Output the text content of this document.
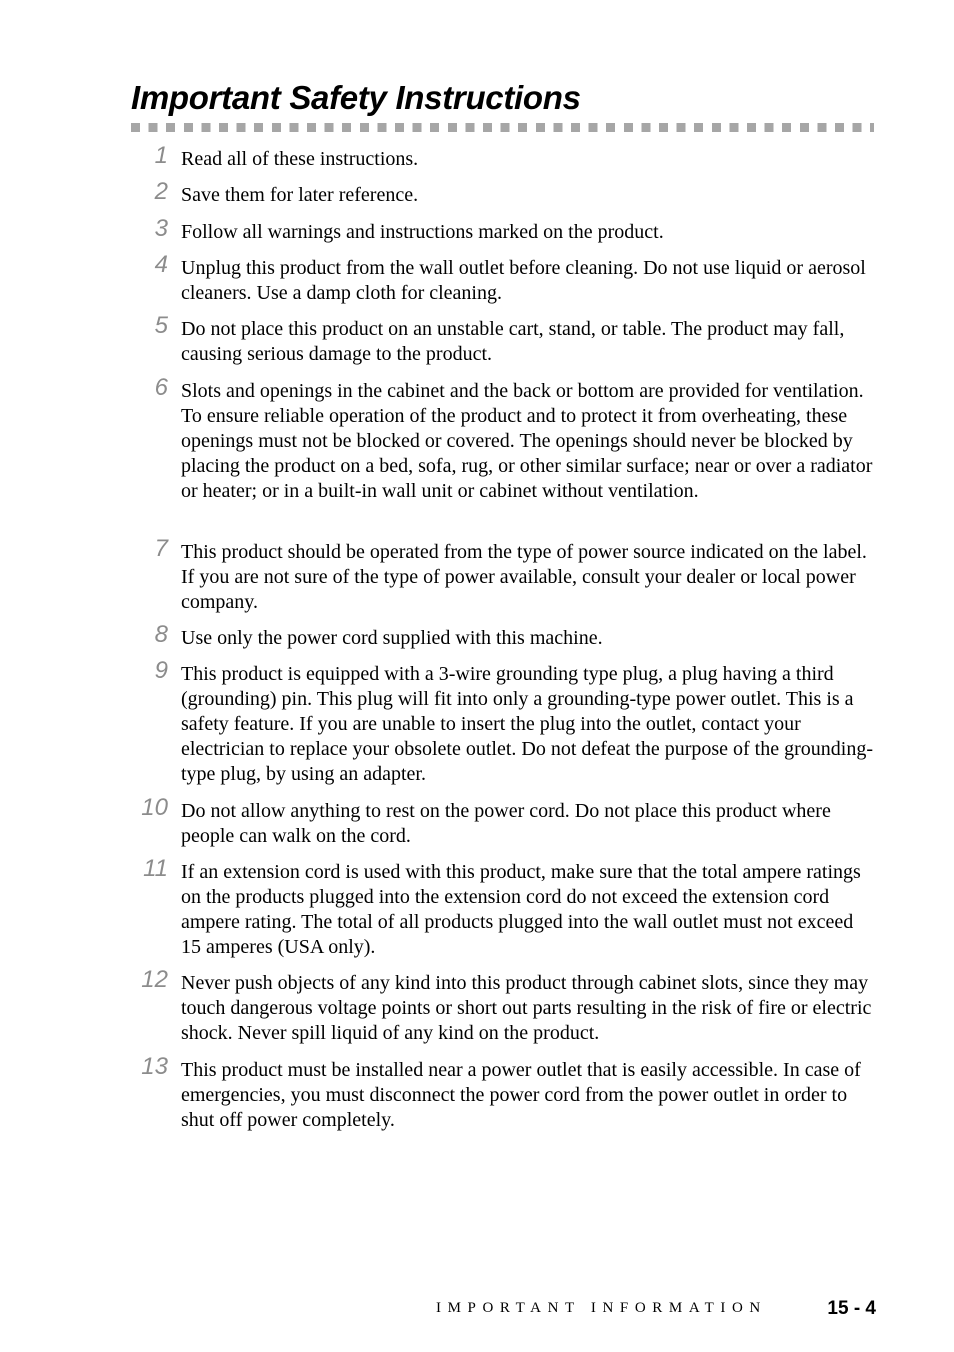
Important Safety Instructions
1 Read all of these instructions.

2 Save them for later reference.

3 Follow all warnings and instructions marked on the product.

4 Unplug this product from the wall outlet before cleaning. Do not use liquid or aerosol cleaners. Use a damp cloth for cleaning.

5 Do not place this product on an unstable cart, stand, or table. The product may fall, causing serious damage to the product.

6 Slots and openings in the cabinet and the back or bottom are provided for ventilation. To ensure reliable operation of the product and to protect it from overheating, these openings must not be blocked or covered. The openings should never be blocked by placing the product on a bed, sofa, rug, or other similar surface; near or over a radiator or heater; or in a built-in wall unit or cabinet without ventilation.

7 This product should be operated from the type of power source indicated on the label. If you are not sure of the type of power available, consult your dealer or local power company.

8 Use only the power cord supplied with this machine.

9 This product is equipped with a 3-wire grounding type plug, a plug having a third (grounding) pin. This plug will fit into only a grounding-type power outlet. This is a safety feature. If you are unable to insert the plug into the outlet, contact your electrician to replace your obsolete outlet. Do not defeat the purpose of the grounding-type plug, by using an adapter.

10 Do not allow anything to rest on the power cord. Do not place this product where people can walk on the cord.

11 If an extension cord is used with this product, make sure that the total ampere ratings on the products plugged into the extension cord do not exceed the extension cord ampere rating. The total of all products plugged into the wall outlet must not exceed 15 amperes (USA only).

12 Never push objects of any kind into this product through cabinet slots, since they may touch dangerous voltage points or short out parts resulting in the risk of fire or electric shock. Never spill liquid of any kind on the product.

13 This product must be installed near a power outlet that is easily accessible. In case of emergencies, you must disconnect the power cord from the power outlet in order to shut off power completely.

IMPORTANT INFORMATION	15 - 4
